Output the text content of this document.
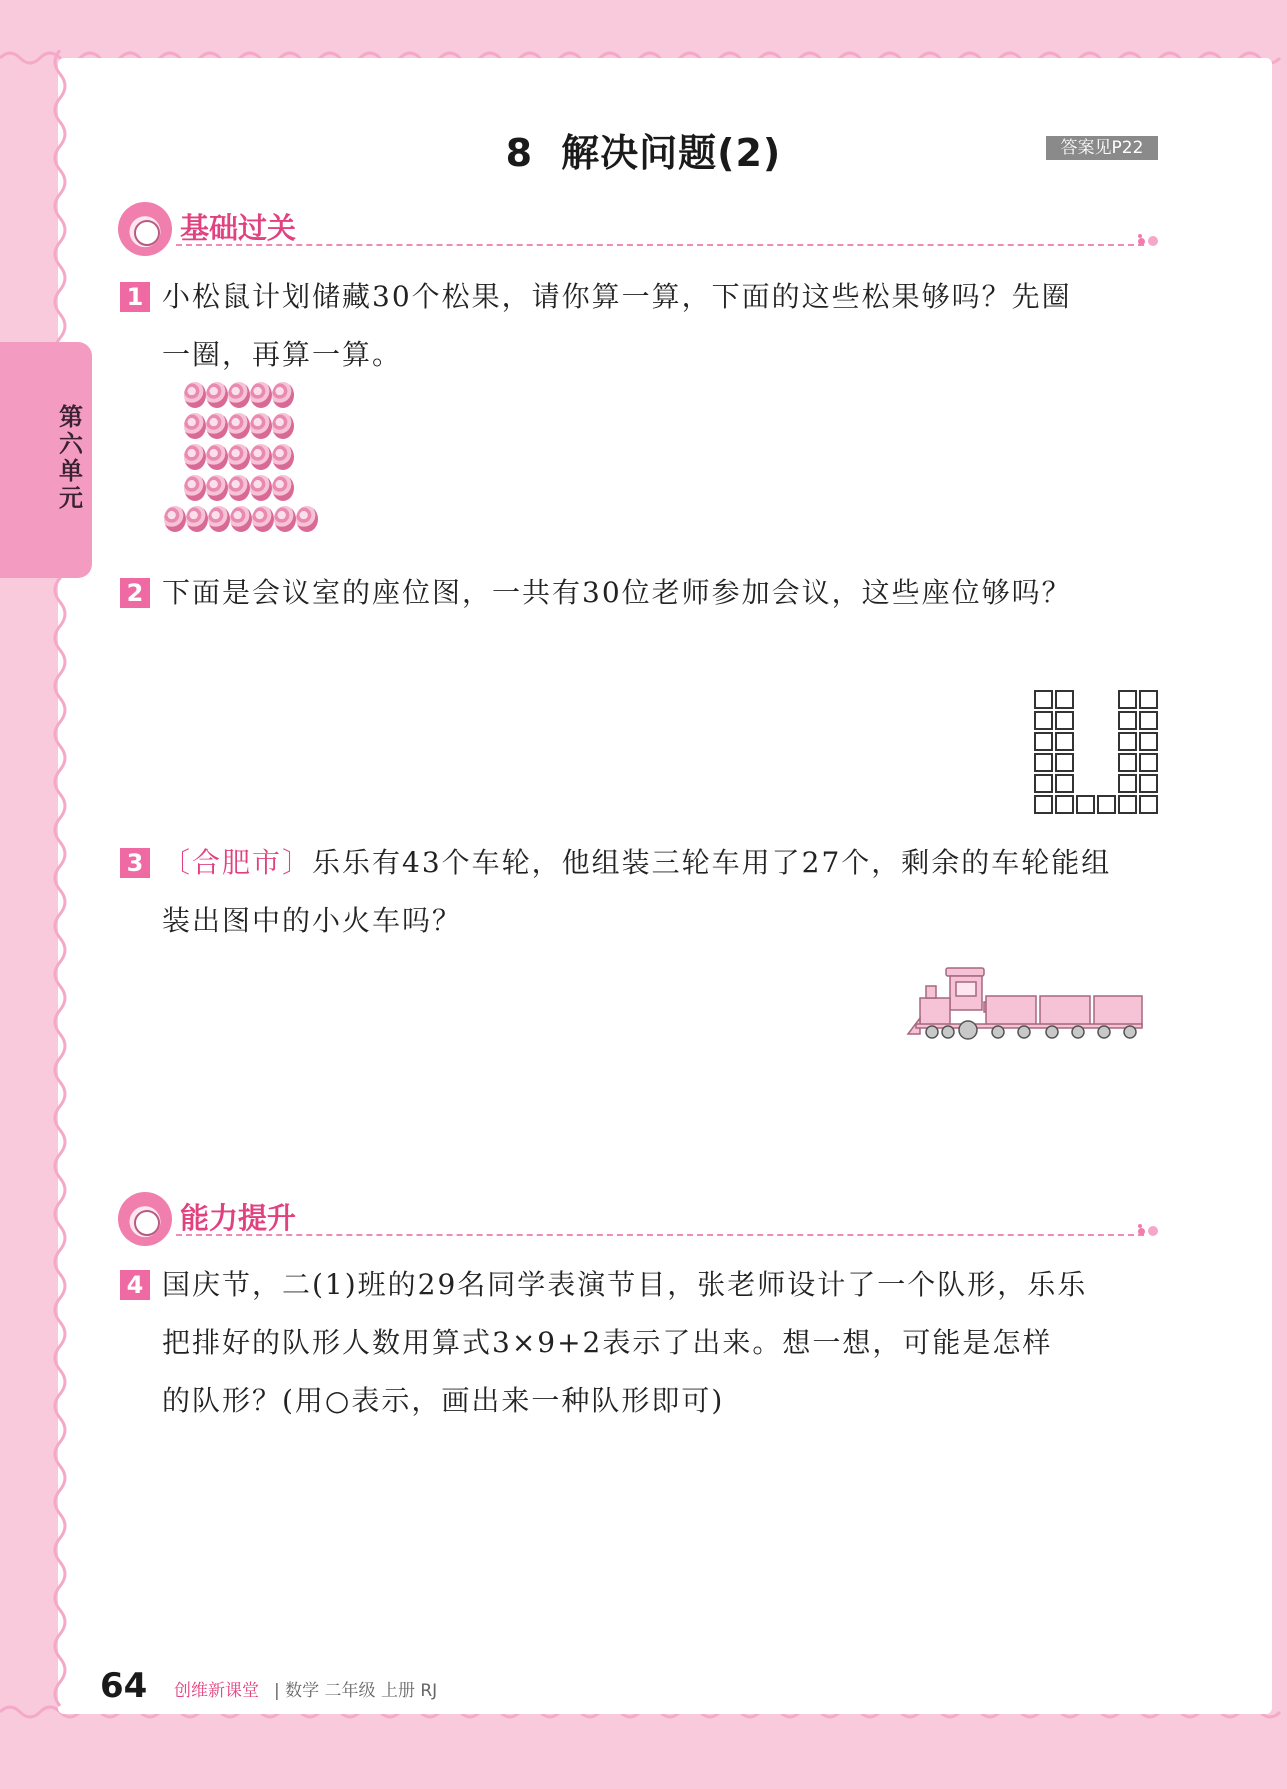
第六单元
8 解决问题(2)	答案见P22
基础过关
1 小松鼠计划储藏30个松果，请你算一算，下面的这些松果够吗？先圈
一圈，再算一算。
2 下面是会议室的座位图，一共有30位老师参加会议，这些座位够吗？
3 〔合肥市〕乐乐有43个车轮，他组装三轮车用了27个，剩余的车轮能组
装出图中的小火车吗？
能力提升
4 国庆节，二(1)班的29名同学表演节目，张老师设计了一个队形，乐乐
把排好的队形人数用算式3×9+2表示了出来。想一想，可能是怎样
的队形？(用○表示，画出来一种队形即可)
64 创维新课堂 | 数学 二年级 上册 RJ
